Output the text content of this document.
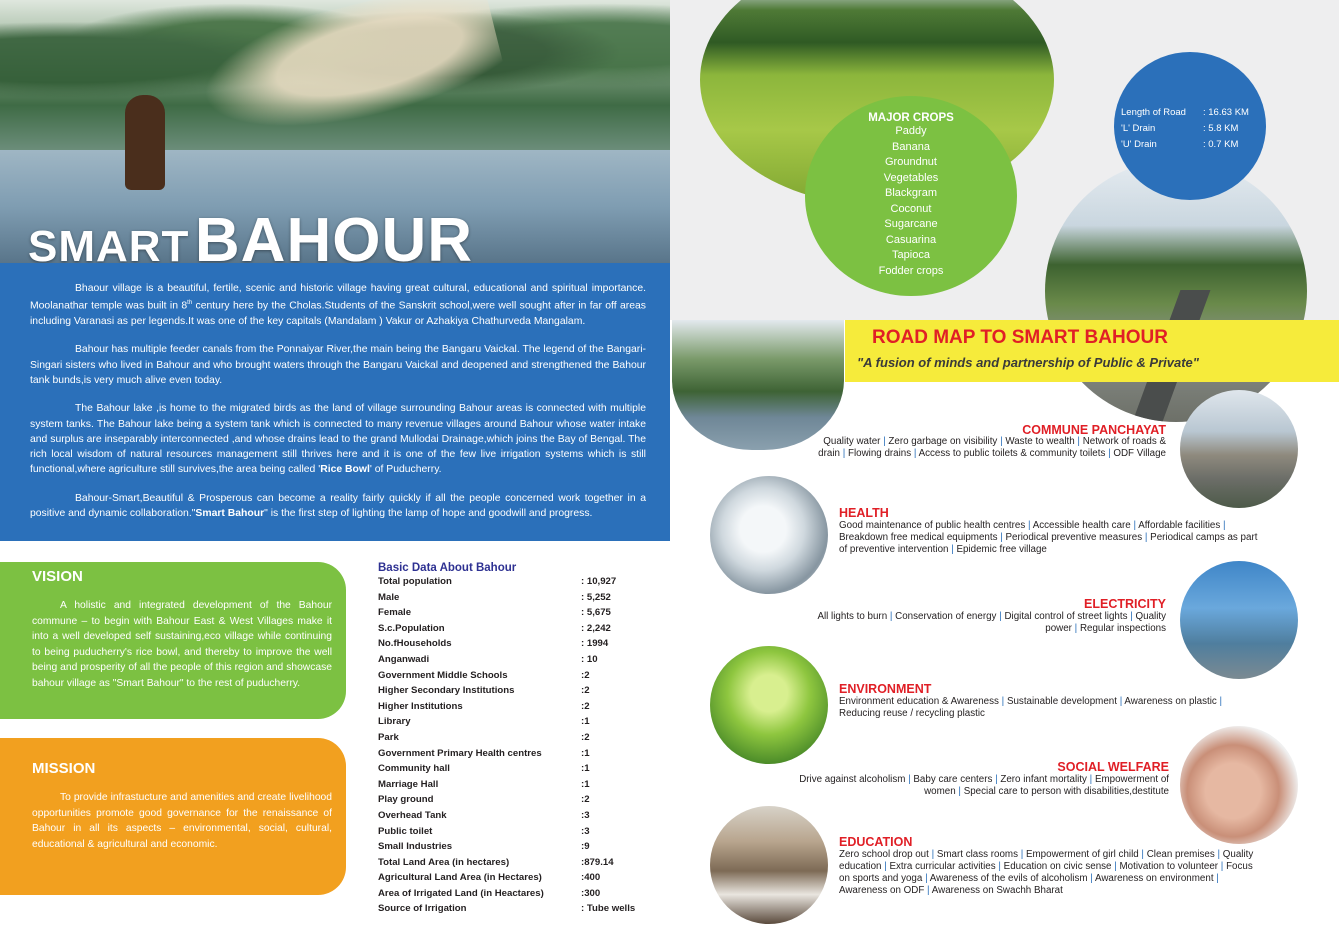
SMART BAHOUR

Bhaour village is a beautiful, fertile, scenic and historic village having great cultural, educational and spiritual importance. Moolanathar temple was built in 8th century here by the Cholas.Students of the Sanskrit school,were well sought after in far off areas including Varanasi as per legends.It was one of the key capitals (Mandalam ) Vakur or Azhakiya Chathurveda Mangalam.

Bahour has multiple feeder canals from the Ponnaiyar River,the main being the Bangaru Vaickal. The legend of the Bangari-Singari sisters who lived in Bahour and who brought waters through the Bangaru Vaickal and deopened and strengthened the Bahour tank bunds,is very much alive even today.

The Bahour lake ,is home to the migrated birds as the land of village surrounding Bahour areas is connected with multiple system tanks. The Bahour lake being a system tank which is connected to many revenue villages around Bahour whose water intake and surplus are inseparably interconnected ,and whose drains lead to the grand Mullodai Drainage,which joins the Bay of Bengal. The rich local wisdom of natural resources management still thrives here and it is one of the few live irrigation systems which is still functional,where agriculture still survives,the area being called 'Rice Bowl' of Puducherry.

Bahour-Smart,Beautiful & Prosperous can become a reality fairly quickly if all the people concerned work together in a positive and dynamic collaboration."Smart Bahour" is the first step of lighting the lamp of hope and goodwill and progress.

VISION
A holistic and integrated development of the Bahour commune – to begin with Bahour East & West Villages make it into a well developed self sustaining,eco village while continuing to being puducherry's rice bowl, and thereby to improve the well being and prosperity of all the people of this region and showcase bahour village as "Smart Bahour" to the rest of puducherry.
MISSION
To provide infrastucture and amenities and create livelihood opportunities promote good governance for the renaissance of Bahour in all its aspects – environmental, social, cultural, educational & agricultural and economic.
Basic Data About Bahour
Total population	: 10,927
Male	: 5,252
Female	: 5,675
S.c.Population	: 2,242
No.fHouseholds	: 1994
Anganwadi	: 10
Government Middle Schools	:2
Higher Secondary Institutions	:2
Higher Institutions	:2
Library	:1
Park	:2
Government Primary Health centres	:1
Community hall	:1
Marriage Hall	:1
Play ground	:2
Overhead Tank	:3
Public toilet	:3
Small Industries	:9
Total Land Area (in hectares)	:879.14
Agricultural Land Area (in Hectares)	:400
Area of Irrigated Land (in Heactares)	:300
Source of Irrigation	: Tube wells
MAJOR CROPS
Paddy
Banana
Groundnut
Vegetables
Blackgram
Coconut
Sugarcane
Casuarina
Tapioca
Fodder crops
Length of Road : 16.63 KM
'L' Drain	: 5.8 KM
'U' Drain	: 0.7 KM
ROAD MAP TO SMART BAHOUR
"A fusion of minds and partnership of Public & Private"
COMMUNE PANCHAYAT
Quality water | Zero garbage on visibility | Waste to wealth | Network of roads &
drain | Flowing drains | Access to public toilets & community toilets | ODF Village
HEALTH
Good maintenance of public health centres | Accessible health care | Affordable facilities |
Breakdown free medical equipments | Periodical preventive measures | Periodical camps as part
of preventive intervention | Epidemic free village
ELECTRICITY
All lights to burn | Conservation of energy | Digital control of street lights | Quality
power | Regular inspections
ENVIRONMENT
Environment education & Awareness | Sustainable development | Awareness on plastic |
Reducing reuse / recycling plastic
SOCIAL WELFARE
Drive against alcoholism | Baby care centers | Zero infant mortality | Empowerment of
women | Special care to person with disabilities,destitute
EDUCATION
Zero school drop out | Smart class rooms | Empowerment of girl child | Clean premises | Quality
education | Extra curricular activities | Education on civic sense | Motivation to volunteer | Focus
on sports and yoga | Awareness of the evils of alcoholism | Awareness on environment |
Awareness on ODF | Awareness on Swachh Bharat
